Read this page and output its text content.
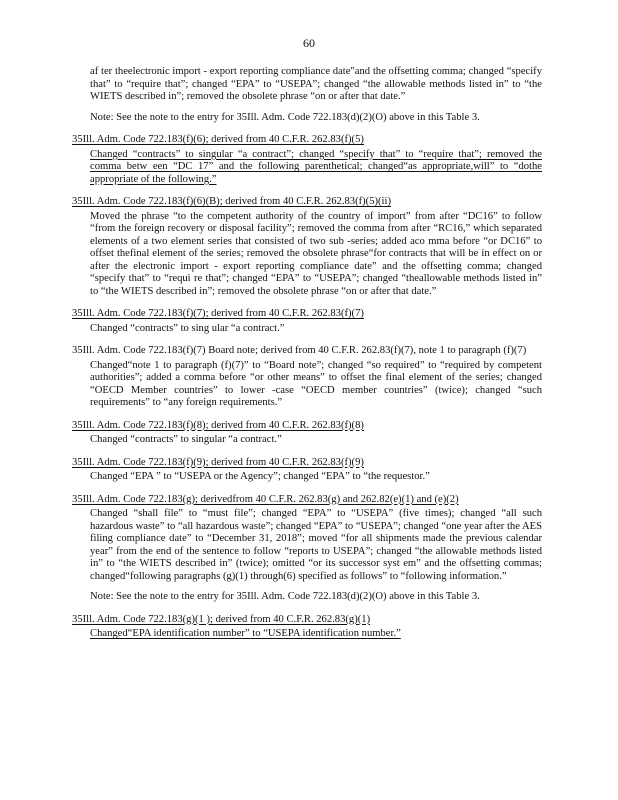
60

af ter theelectronic import - export reporting compliance date"and the offsetting comma; changed “specify that” to “require that”; changed “EPA” to “USEPA”; changed “the allowable methods listed in” to “the WIETS described in”; removed the obsolete phrase “on or after that date.”

Note: See the note to the entry for 35Ill. Adm. Code 722.183(d)(2)(O) above in this Table 3.

35Ill. Adm. Code 722.183(f)(6); derived from 40 C.F.R. 262.83(f)(5)

Changed “contracts” to singular “a contract”; changed “specify that” to “require that”; removed the comma betw een “DC 17” and the following parenthetical; changed“as appropriate,will” to “dothe appropriate of the following.”

35Ill. Adm. Code 722.183(f)(6)(B); derived from 40 C.F.R. 262.83(f)(5)(ii)

Moved the phrase “to the competent authority of the country of import” from after “DC16” to follow “from the foreign recovery or disposal facility”; removed the comma from after “RC16,” which separated elements of a two element series that consisted of two sub -series; added aco mma before “or DC16” to offset thefinal element of the series; removed the obsolete phrase“for contracts that will be in effect on or after the electronic import - export reporting compliance date” and the offsetting comma; changed “specify that” to “requi re that”; changed “EPA” to “USEPA”; changed “theallowable methods listed in” to “the WIETS described in”; removed the obsolete phrase “on or after that date.”

35Ill. Adm. Code 722.183(f)(7); derived from 40 C.F.R. 262.83(f)(7)

Changed “contracts” to sing ular “a contract.”

35Ill. Adm. Code 722.183(f)(7) Board note; derived from 40 C.F.R. 262.83(f)(7), note 1 to paragraph (f)(7)

Changed“note 1 to paragraph (f)(7)” to “Board note”; changed “so required” to “required by competent authorities”; added a comma before “or other means” to offset the final element of the series; changed “OECD Member countries” to lower -case “OECD member countries” (twice); changed “such requirements” to “any foreign requirements.”

35Ill. Adm. Code 722.183(f)(8); derived from 40 C.F.R. 262.83(f)(8)

Changed “contracts” to singular “a contract.”

35Ill. Adm. Code 722.183(f)(9); derived from 40 C.F.R. 262.83(f)(9)

Changed “EPA ” to “USEPA or the Agency”; changed “EPA” to “the requestor.”

35Ill. Adm. Code 722.183(g); derivedfrom 40 C.F.R. 262.83(g) and 262.82(e)(1) and (e)(2)

Changed “shall file” to “must file”; changed “EPA” to “USEPA” (five times); changed “all such hazardous waste” to “all hazardous waste”; changed “EPA” to “USEPA”; changed “one year after the AES filing compliance date” to “December 31, 2018”; moved “for all shipments made the previous calendar year” from the end of the sentence to follow “reports to USEPA”; changed “the allowable methods listed in” to “the WIETS described in” (twice); omitted “or its successor syst em” and the offsetting commas; changed“following paragraphs (g)(1) through(6) specified as follows” to “following information.”

Note: See the note to the entry for 35Ill. Adm. Code 722.183(d)(2)(O) above in this Table 3.

35Ill. Adm. Code 722.183(g)(1 ); derived from 40 C.F.R. 262.83(g)(1)

Changed“EPA identification number” to “USEPA identification number.”
